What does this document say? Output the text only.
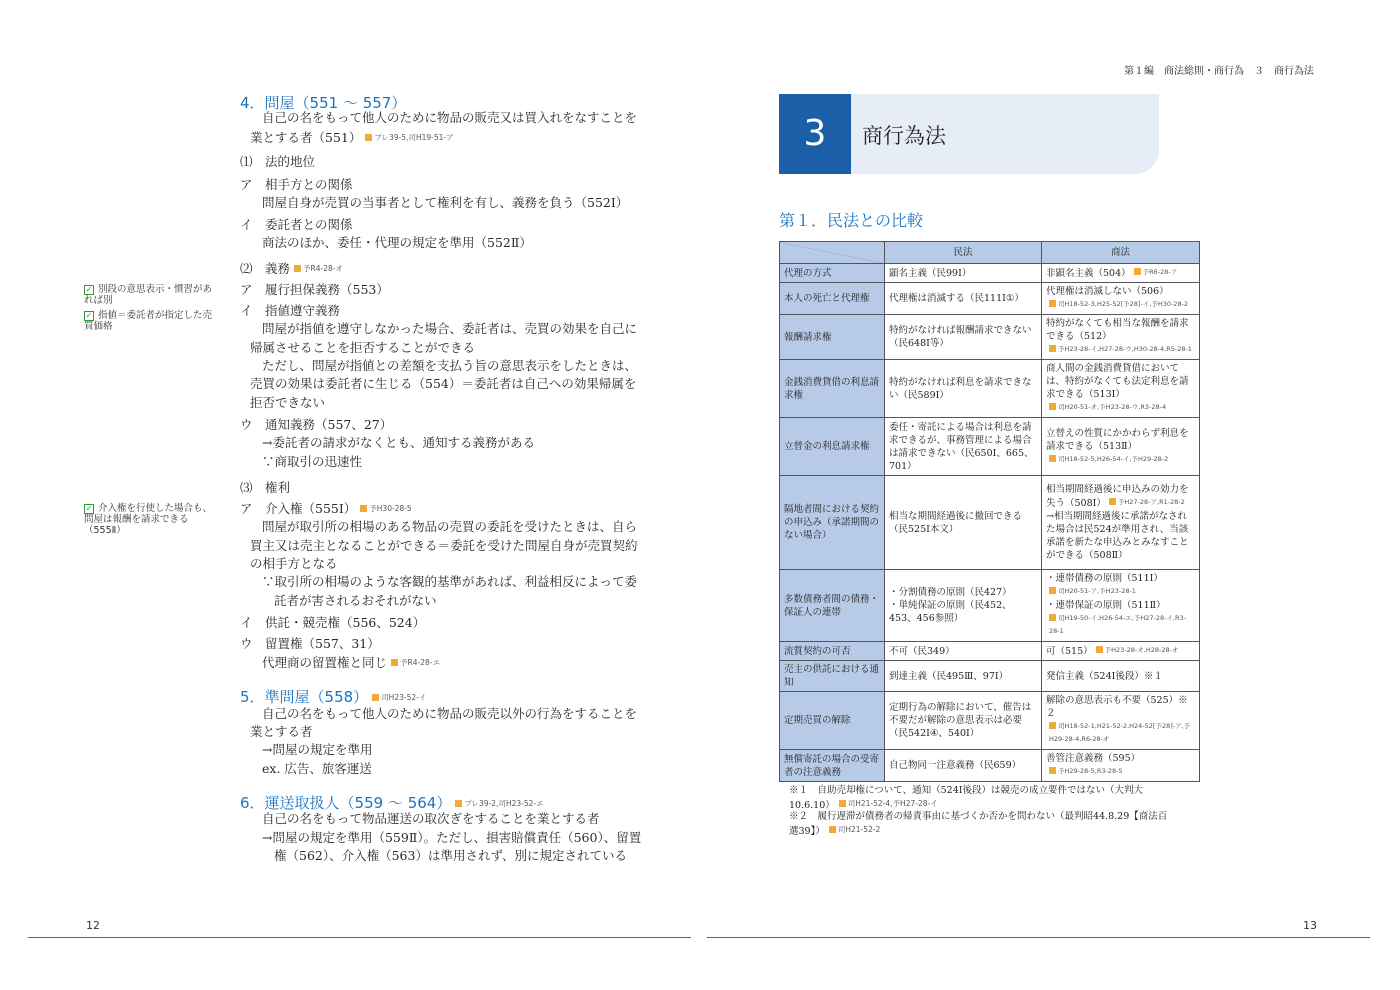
4．問屋（551 ～ 557）
自己の名をもって他人のために物品の販売又は買入れをなすことを
業とする者（551） プレ39-5,司H19-51-ア
⑴　法的地位
ア　相手方との関係
問屋自身が売買の当事者として権利を有し、義務を負う（552Ⅰ）
イ　委託者との関係
商法のほか、委任・代理の規定を準用（552Ⅱ）
⑵　義務 予R4-28-オ
ア　履行担保義務（553）
イ　指値遵守義務
問屋が指値を遵守しなかった場合、委託者は、売買の効果を自己に
帰属させることを拒否することができる
ただし、問屋が指値との差額を支払う旨の意思表示をしたときは、
売買の効果は委託者に生じる（554）＝委託者は自己への効果帰属を
拒否できない
ウ　通知義務（557、27）
→委託者の請求がなくとも、通知する義務がある
∵商取引の迅速性
⑶　権利
ア　介入権（555Ⅰ） 予H30-28-5
問屋が取引所の相場のある物品の売買の委託を受けたときは、自ら
買主又は売主となることができる＝委託を受けた問屋自身が売買契約
の相手方となる
∵取引所の相場のような客観的基準があれば、利益相反によって委
託者が害されるおそれがない
イ　供託・競売権（556、524）
ウ　留置権（557、31）
代理商の留置権と同じ 予R4-28-エ
5．準問屋（558） 司H23-52-イ
自己の名をもって他人のために物品の販売以外の行為をすることを
業とする者
→問屋の規定を準用
ex. 広告、旅客運送
6．運送取扱人（559 ～ 564） プレ39-2,司H23-52-エ
自己の名をもって物品運送の取次ぎをすることを業とする者
→問屋の規定を準用（559Ⅱ）。ただし、損害賠償責任（560）、留置
権（562）、介入権（563）は準用されず、別に規定されている
✓ 別段の意思表示・慣習があれば別
✓ 指値＝委託者が指定した売買価格
✓ 介入権を行使した場合も、問屋は報酬を請求できる（555Ⅱ）
12
第１編　商法総則・商行為　３　商行為法
3	商行為法
第１．民法との比較
	民法	商法
代理の方式	顕名主義（民99Ⅰ）	非顕名主義（504） 予R6-28-ア
本人の死亡と代理権	代理権は消滅する（民111Ⅰ①）	代理権は消滅しない（506）司H18-52-3,H25-52[予28]-イ,予H30-28-2
報酬請求権	特約がなければ報酬請求できない（民648Ⅰ等）	特約がなくても相当な報酬を請求できる（512）予H23-28-イ,H27-28-ウ,H30-28-4,R5-28-1
金銭消費貸借の利息請求権	特約がなければ利息を請求できない（民589Ⅰ）	商人間の金銭消費貸借においては、特約がなくても法定利息を請求できる（513Ⅰ）司H20-51-オ,予H23-28-ウ,R3-28-4
立替金の利息請求権	委任・寄託による場合は利息を請求できるが、事務管理による場合は請求できない（民650Ⅰ、665、701）	立替えの性質にかかわらず利息を請求できる（513Ⅱ）司H18-52-5,H26-54-イ,予H29-28-2
隔地者間における契約の申込み（承諾期間のない場合）	相当な期間経過後に撤回できる（民525Ⅰ本文）	相当期間経過後に申込みの効力を失う（508Ⅰ） 予H27-28-ア,R1-28-2
→相当期間経過後に承諾がなされた場合は民524が準用され、当該承諾を新たな申込みとみなすことができる（508Ⅱ）
多数債務者間の債務・保証人の連帯	・分割債務の原則（民427）
・単純保証の原則（民452、453、456参照）	・連帯債務の原則（511Ⅰ）司H20-51-ア,予H23-28-1
・連帯保証の原則（511Ⅱ）司H19-50-イ,H26-54-エ,予H27-28-イ,R3-28-1
流質契約の可否	不可（民349）	可（515） 予H23-28-オ,H28-28-オ
売主の供託における通知	到達主義（民495Ⅲ、97Ⅰ）	発信主義（524Ⅰ後段）※１
定期売買の解除	定期行為の解除において、催告は不要だが解除の意思表示は必要（民542Ⅰ④、540Ⅰ）	解除の意思表示も不要（525）※２司H18-52-1,H21-52-2,H24-52[予28]-ア,予H29-28-4,R6-28-オ
無償寄託の場合の受寄者の注意義務	自己物同一注意義務（民659）	善管注意義務（595）予H29-28-5,R3-28-5
※１　自助売却権について、通知（524Ⅰ後段）は競売の成立要件ではない（大判大10.6.10） 司H21-52-4,予H27-28-イ
※２　履行遅滞が債務者の帰責事由に基づくか否かを問わない（最判昭44.8.29【商法百選39】） 司H21-52-2
13
